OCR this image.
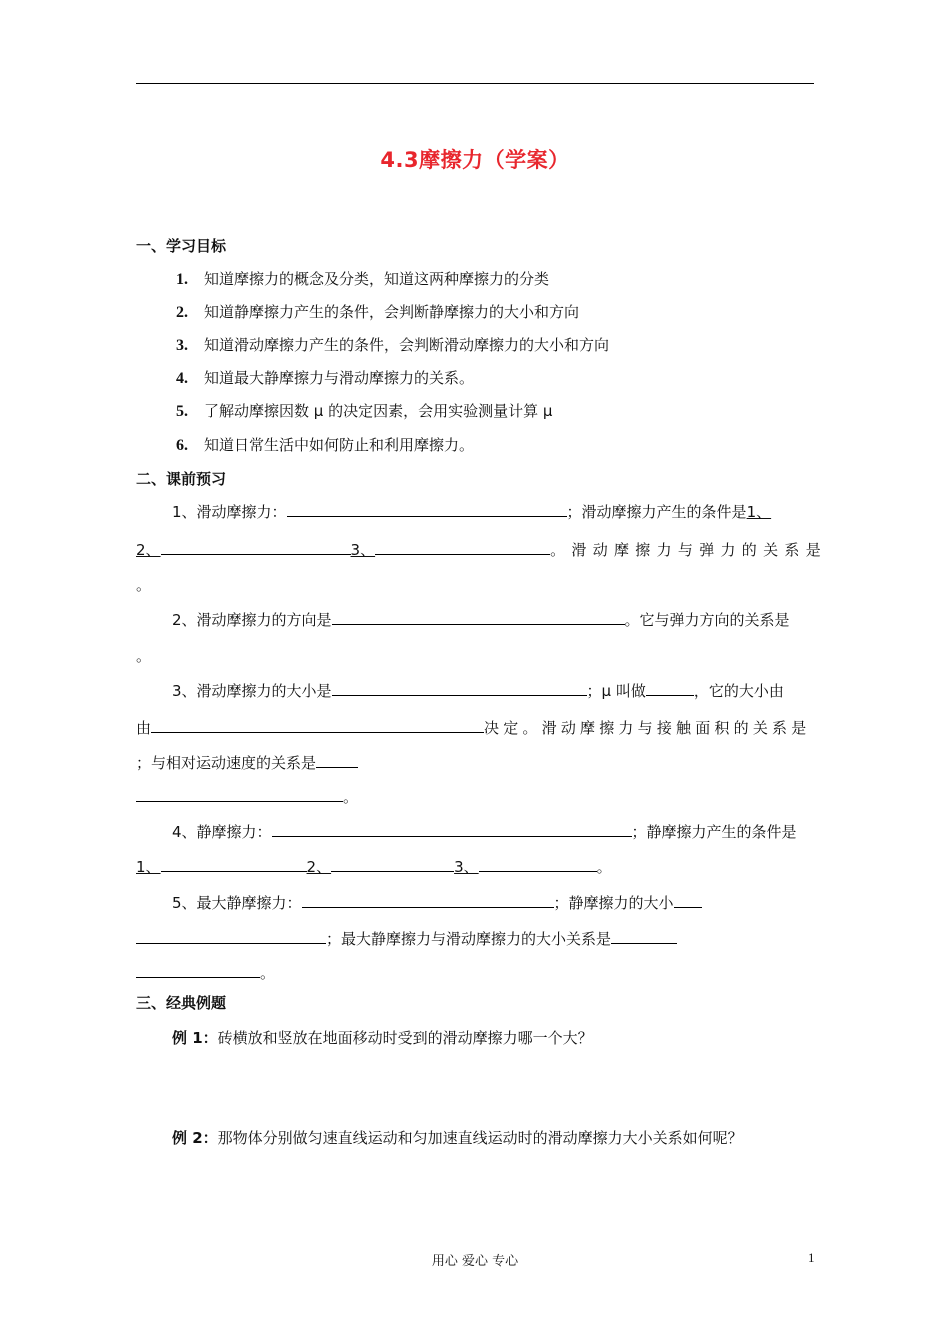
4.3摩擦力（学案）
一、学习目标
1. 知道摩擦力的概念及分类，知道这两种摩擦力的分类
2. 知道静摩擦力产生的条件，会判断静摩擦力的大小和方向
3. 知道滑动摩擦力产生的条件，会判断滑动摩擦力的大小和方向
4. 知道最大静摩擦力与滑动摩擦力的关系。
5. 了解动摩擦因数 μ 的决定因素，会用实验测量计算 μ
6. 知道日常生活中如何防止和利用摩擦力。
二、课前预习
1、滑动摩擦力：	；滑动摩擦力产生的条件是1、
2、	3、	。滑动摩擦力与弹力的关系是
。
2、滑动摩擦力的方向是	。它与弹力方向的关系是
。
3、滑动摩擦力的大小是	；μ 叫做	，它的大小由
由	决定。滑动摩擦力与接触面积的关系是
；与相对运动速度的关系是
。
4、静摩擦力：	；静摩擦力产生的条件是
1、	2、	3、	。
5、最大静摩擦力：	；静摩擦力的大小
；最大静摩擦力与滑动摩擦力的大小关系是
。
三、经典例题
例 1：砖横放和竖放在地面移动时受到的滑动摩擦力哪一个大？
例 2：那物体分别做匀速直线运动和匀加速直线运动时的滑动摩擦力大小关系如何呢？
用心 爱心 专心	1
